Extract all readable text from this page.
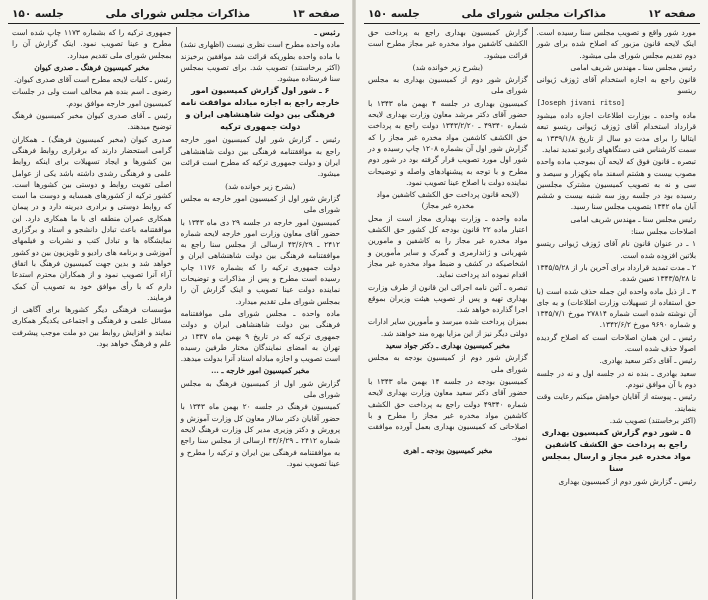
صفحه ۱۳
مذاکرات مجلس شورای ملی
جلسه ۱۵۰

رئیس ـ

ماده واحده مطرح است نظری نیست (اظهاری نشد) با ماده واحده بطوریکه قرائت شد موافقین برخیزند (اکثر برخاستند) تصویب شد. برای تصویب بمجلس سنا فرستاده میشود.

۶ ـ شور اول گزارش کمیسیون امور خارجه راجع به اجازه مبادله موافقت نامه فرهنگی بین دولت شاهنشاهی ایران و دولت جمهوری ترکیه

رئیس ـ گزارش شور اول کمیسیون امور خارجه راجع به موافقتنامه فرهنگی بین دولت شاهنشاهی ایران و دولت جمهوری ترکیه که مطرح است قرائت میشود.

(بشرح زیر خوانده شد)

گزارش شور اول از کمیسیون امور خارجه به مجلس شورای ملی

کمیسیون امور خارجه در جلسه ۲۹ دی ماه ۱۳۴۳ با حضور آقای معاون وزارت امور خارجه لایحه شماره ۲۴۱۲ ـ ۴۳/۶/۲۹ ارسالی از مجلس سنا راجع به موافقتنامه فرهنگی بین دولت شاهنشاهی ایران و دولت جمهوری ترکیه را که بشماره ۱۱۷۶ چاپ رسیده است مطرح و پس از مذاکرات و توضیحات نماینده دولت عینا تصویب و اینک گزارش آن را بمجلس شورای ملی تقدیم میدارد.

ماده واحده ـ مجلس شورای ملی موافقتنامه فرهنگی بین دولت شاهنشاهی ایران و دولت جمهوری ترکیه که در تاریخ ۹ بهمن ماه ۱۳۳۷ در تهران به امضای نمایندگان مختار طرفین رسیده است تصویب و اجازه مبادله اسناد آنرا بدولت میدهد.

مخبر کمیسیون امور خارجه ـ ...

گزارش شور اول از کمیسیون فرهنگ به مجلس شورای ملی

کمیسیون فرهنگ در جلسه ۲۰ بهمن ماه ۱۳۴۳ با حضور آقایان دکتر سالار معاون کل وزارت آموزش و پرورش و دکتر وزیری مدیر کل وزارت فرهنگ لایحه شماره ۲۴۱۲ ـ ۴۳/۶/۲۹ ارسالی از مجلس سنا راجع به موافقتنامه فرهنگی بین ایران و ترکیه را مطرح و عینا تصویب نمود.

جمهوری ترکیه را که بشماره ۱۱۷۳ چاپ شده است مطرح و عینا تصویب نمود. اینک گزارش آن را بمجلس شورای ملی تقدیم میدارد.

مخبر کمیسیون فرهنگ ـ صدری کیوان

رئیس ـ کلیات لایحه مطرح است آقای صدری کیوان.

رضوی ـ اسم بنده هم مخالف است ولی در جلسات کمیسیون امور خارجه موافق بودم.

رئیس ـ آقای صدری کیوان مخبر کمیسیون فرهنگ توضیح میدهند.

صدری کیوان (مخبر کمیسیون فرهنگ) ـ همکاران گرامی استحضار دارند که برقراری روابط فرهنگی بین کشورها و ایجاد تسهیلات برای اینکه روابط علمی و فرهنگی رشدی داشته باشد یکی از عوامل اصلی تقویت روابط و دوستی بین کشورها است. کشور ترکیه از کشورهای همسایه و دوست ما است که روابط دوستی و برادری دیرینه دارد و در پیمان همکاری عمران منطقه ای با ما همکاری دارد. این موافقتنامه باعث تبادل دانشجو و استاد و برگزاری نمایشگاه ها و تبادل کتب و نشریات و فیلمهای آموزشی و برنامه های رادیو و تلویزیون بین دو کشور خواهد شد و بدین جهت کمیسیون فرهنگ با اتفاق آراء آنرا تصویب نمود و از همکاران محترم استدعا دارم که با رأی موافق خود به تصویب آن کمک فرمایند.

مؤسسات فرهنگی دیگر کشورها برای آگاهی از مسائل علمی و فرهنگی و اجتماعی یکدیگر همکاری نمایند و افزایش روابط بین دو ملت موجب پیشرفت علم و فرهنگ خواهد بود.

صفحه ۱۲
مذاکرات مجلس شورای ملی
جلسه ۱۵۰

مورد شور واقع و تصویب مجلس سنا رسیده است. اینک لایحه قانون مزبور که اصلاح شده برای شور دوم تقدیم مجلس شورای ملی میشود.

رئیس مجلس سنا ـ مهندس شریف امامی

قانون راجع به اجازه استخدام آقای ژوزف ژیوانی ریتسو

[Joseph jivani ritso]

ماده واحده ـ بوزارت اطلاعات اجازه داده میشود قرارداد استخدام آقای ژوزف ژیوانی ریتسو تبعه ایتالیا را برای مدت دو سال از تاریخ ۱۳۳۹/۱/۸ به سمت کارشناس فنی دستگاههای رادیو تمدید نماید.

تبصره ـ قانون فوق که لایحه آن بموجب ماده واحده مصوب بیست و هشتم اسفند ماه یکهزار و سیصد و سی و نه به تصویب کمیسیون مشترک مجلسین رسیده بود در جلسه روز سه شنبه بیست و ششم آبان ماه ۱۳۴۲ بتصویب مجلس سنا رسید.

رئیس مجلس سنا ـ مهندس شریف امامی

اصلاحات مجلس سنا:

۱ ـ در عنوان قانون نام آقای ژوزف ژیوانی ریتسو بلاتین افزوده شده است.

۲ ـ مدت تمدید قرارداد برای آخرین بار از ۱۳۴۵/۵/۲۸ تا ۱۳۴۳/۵/۲۸ تعیین شده.

۳ ـ از ذیل ماده واحده این جمله حذف شده است (با حق استفاده از تسهیلات وزارت اطلاعات) و به جای آن نوشته شده است شماره ۲۷۸۱۴ مورخ ۱۳۴۵/۷/۱ و شماره ۹۶۹۰ مورخ ۱۳۴۲/۶/۲.

رئیس ـ این همان اصلاحات است که اصلاح گردیده اصولا حذف شده است.

رئیس ـ آقای دکتر سعید بهادری.

سعید بهادری ـ بنده نه در جلسه اول و نه در جلسه دوم با آن موافق نبودم.

رئیس ـ پیوسته از آقایان خواهش میکنم رعایت وقت بنمایند.

(اکثر برخاستند) تصویب شد.

۵ ـ شور دوم گزارش کمیسیون بهداری راجع به پرداخت حق الکشف کاشفین مواد مخدره غیر مجاز و ارسال بمجلس سنا

رئیس ـ گزارش شور دوم از کمیسیون بهداری

گزارش کمیسیون بهداری راجع به پرداخت حق الکشف کاشفین مواد مخدره غیر مجاز مطرح است قرائت میشود.

(بشرح زیر خوانده شد)

گزارش شور دوم از کمیسیون بهداری به مجلس شورای ملی

کمیسیون بهداری در جلسه ۴ بهمن ماه ۱۳۴۳ با حضور آقای دکتر مرشد معاون وزارت بهداری لایحه شماره ۴۹۳۴۰ ـ ۱۳۴۳/۲/۲۰ دولت راجع به پرداخت حق الکشف کاشفین مواد مخدره غیر مجاز را که گزارش شور اول آن بشماره ۱۲۰۸ چاپ رسیده و در شور اول مورد تصویب قرار گرفته بود در شور دوم مطرح و با توجه به پیشنهادهای واصله و توضیحات نماینده دولت با اصلاح عینا تصویب نمود.

(لایحه قانون پرداخت حق الکشف کاشفین مواد مخدره غیر مجاز)

ماده واحده ـ وزارت بهداری مجاز است از محل اعتبار ماده ۲۲ قانون بودجه کل کشور حق الکشف مواد مخدره غیر مجاز را به کاشفین و مامورین شهربانی و ژاندارمری و گمرک و سایر مأمورین و اشخاصیکه در کشف و ضبط مواد مخدره غیر مجاز اقدام نموده اند پرداخت نماید.

تبصره ـ آئین نامه اجرائی این قانون از طرف وزارت بهداری تهیه و پس از تصویب هیئت وزیران بموقع اجرا گذارده خواهد شد.

بمیزان پرداخت شده میرسد و مأمورین سایر ادارات دولتی دیگر نیز از این مزایا بهره مند خواهند شد.

مخبر کمیسیون بهداری ـ دکتر جواد سعید

گزارش شور دوم از کمیسیون بودجه به مجلس شورای ملی

کمیسیون بودجه در جلسه ۱۴ بهمن ماه ۱۳۴۳ با حضور آقای دکتر سعید معاون وزارت بهداری لایحه شماره ۴۹۳۴۰ دولت راجع به پرداخت حق الکشف کاشفین مواد مخدره غیر مجاز را مطرح و با اصلاحاتی که کمیسیون بهداری بعمل آورده موافقت نمود.

مخبر کمیسیون بودجه ـ اهری
